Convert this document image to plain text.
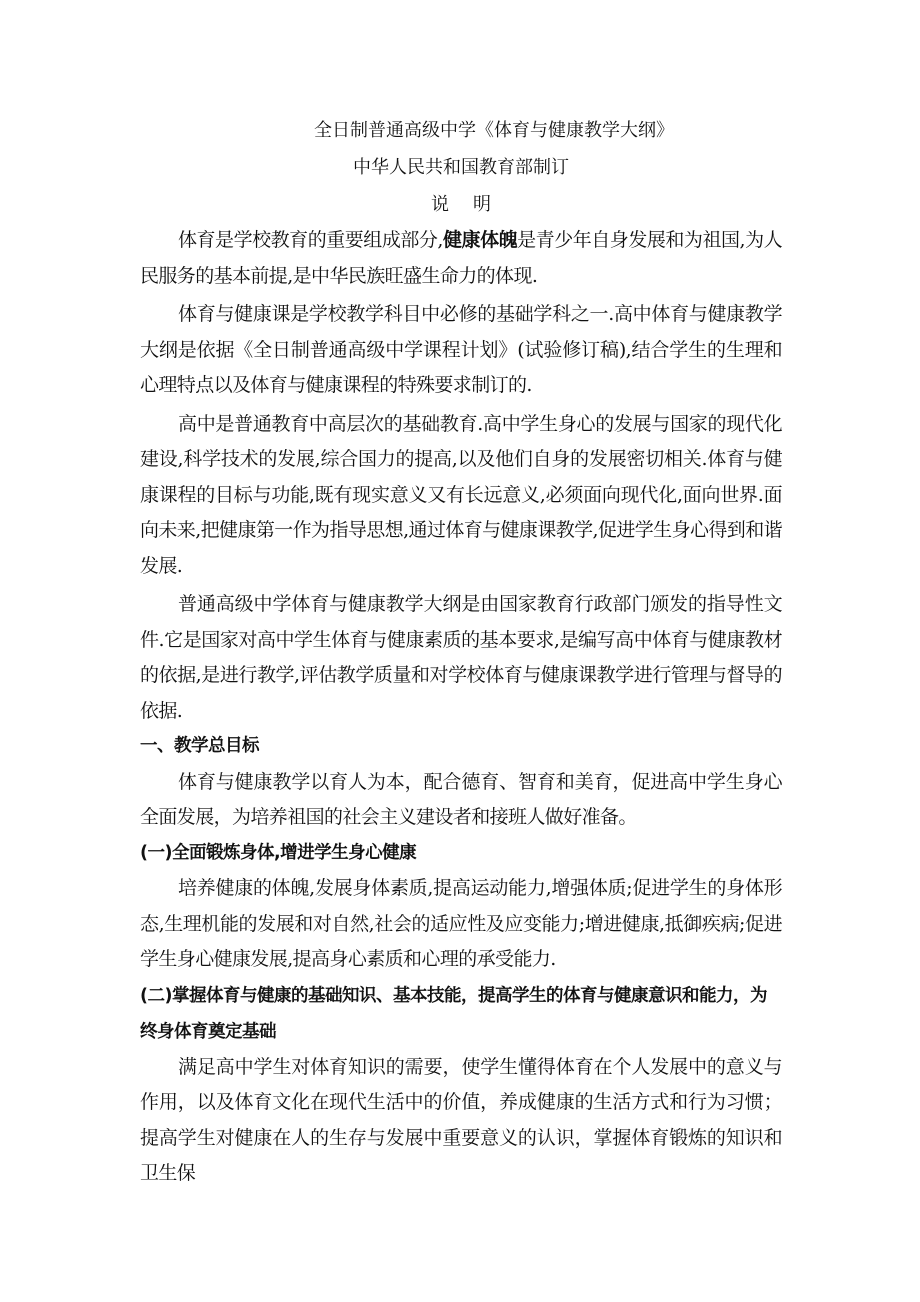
全日制普通高级中学《体育与健康教学大纲》

中华人民共和国教育部制订

说明

体育是学校教育的重要组成部分,健康体魄是青少年自身发展和为祖国,为人民服务的基本前提,是中华民族旺盛生命力的体现.

体育与健康课是学校教学科目中必修的基础学科之一.高中体育与健康教学大纲是依据《全日制普通高级中学课程计划》(试验修订稿),结合学生的生理和心理特点以及体育与健康课程的特殊要求制订的.

高中是普通教育中高层次的基础教育.高中学生身心的发展与国家的现代化建设,科学技术的发展,综合国力的提高,以及他们自身的发展密切相关.体育与健康课程的目标与功能,既有现实意义又有长远意义,必须面向现代化,面向世界.面向未来,把健康第一作为指导思想,通过体育与健康课教学,促进学生身心得到和谐发展.

普通高级中学体育与健康教学大纲是由国家教育行政部门颁发的指导性文件.它是国家对高中学生体育与健康素质的基本要求,是编写高中体育与健康教材的依据,是进行教学,评估教学质量和对学校体育与健康课教学进行管理与督导的依据.

一、教学总目标

体育与健康教学以育人为本，配合德育、智育和美育，促进高中学生身心全面发展，为培养祖国的社会主义建设者和接班人做好准备。

(一)全面锻炼身体,增进学生身心健康

培养健康的体魄,发展身体素质,提高运动能力,增强体质;促进学生的身体形态,生理机能的发展和对自然,社会的适应性及应变能力;增进健康,抵御疾病;促进学生身心健康发展,提高身心素质和心理的承受能力.

(二)掌握体育与健康的基础知识、基本技能，提高学生的体育与健康意识和能力，为终身体育奠定基础

满足高中学生对体育知识的需要，使学生懂得体育在个人发展中的意义与作用，以及体育文化在现代生活中的价值，养成健康的生活方式和行为习惯；提高学生对健康在人的生存与发展中重要意义的认识，掌握体育锻炼的知识和卫生保
